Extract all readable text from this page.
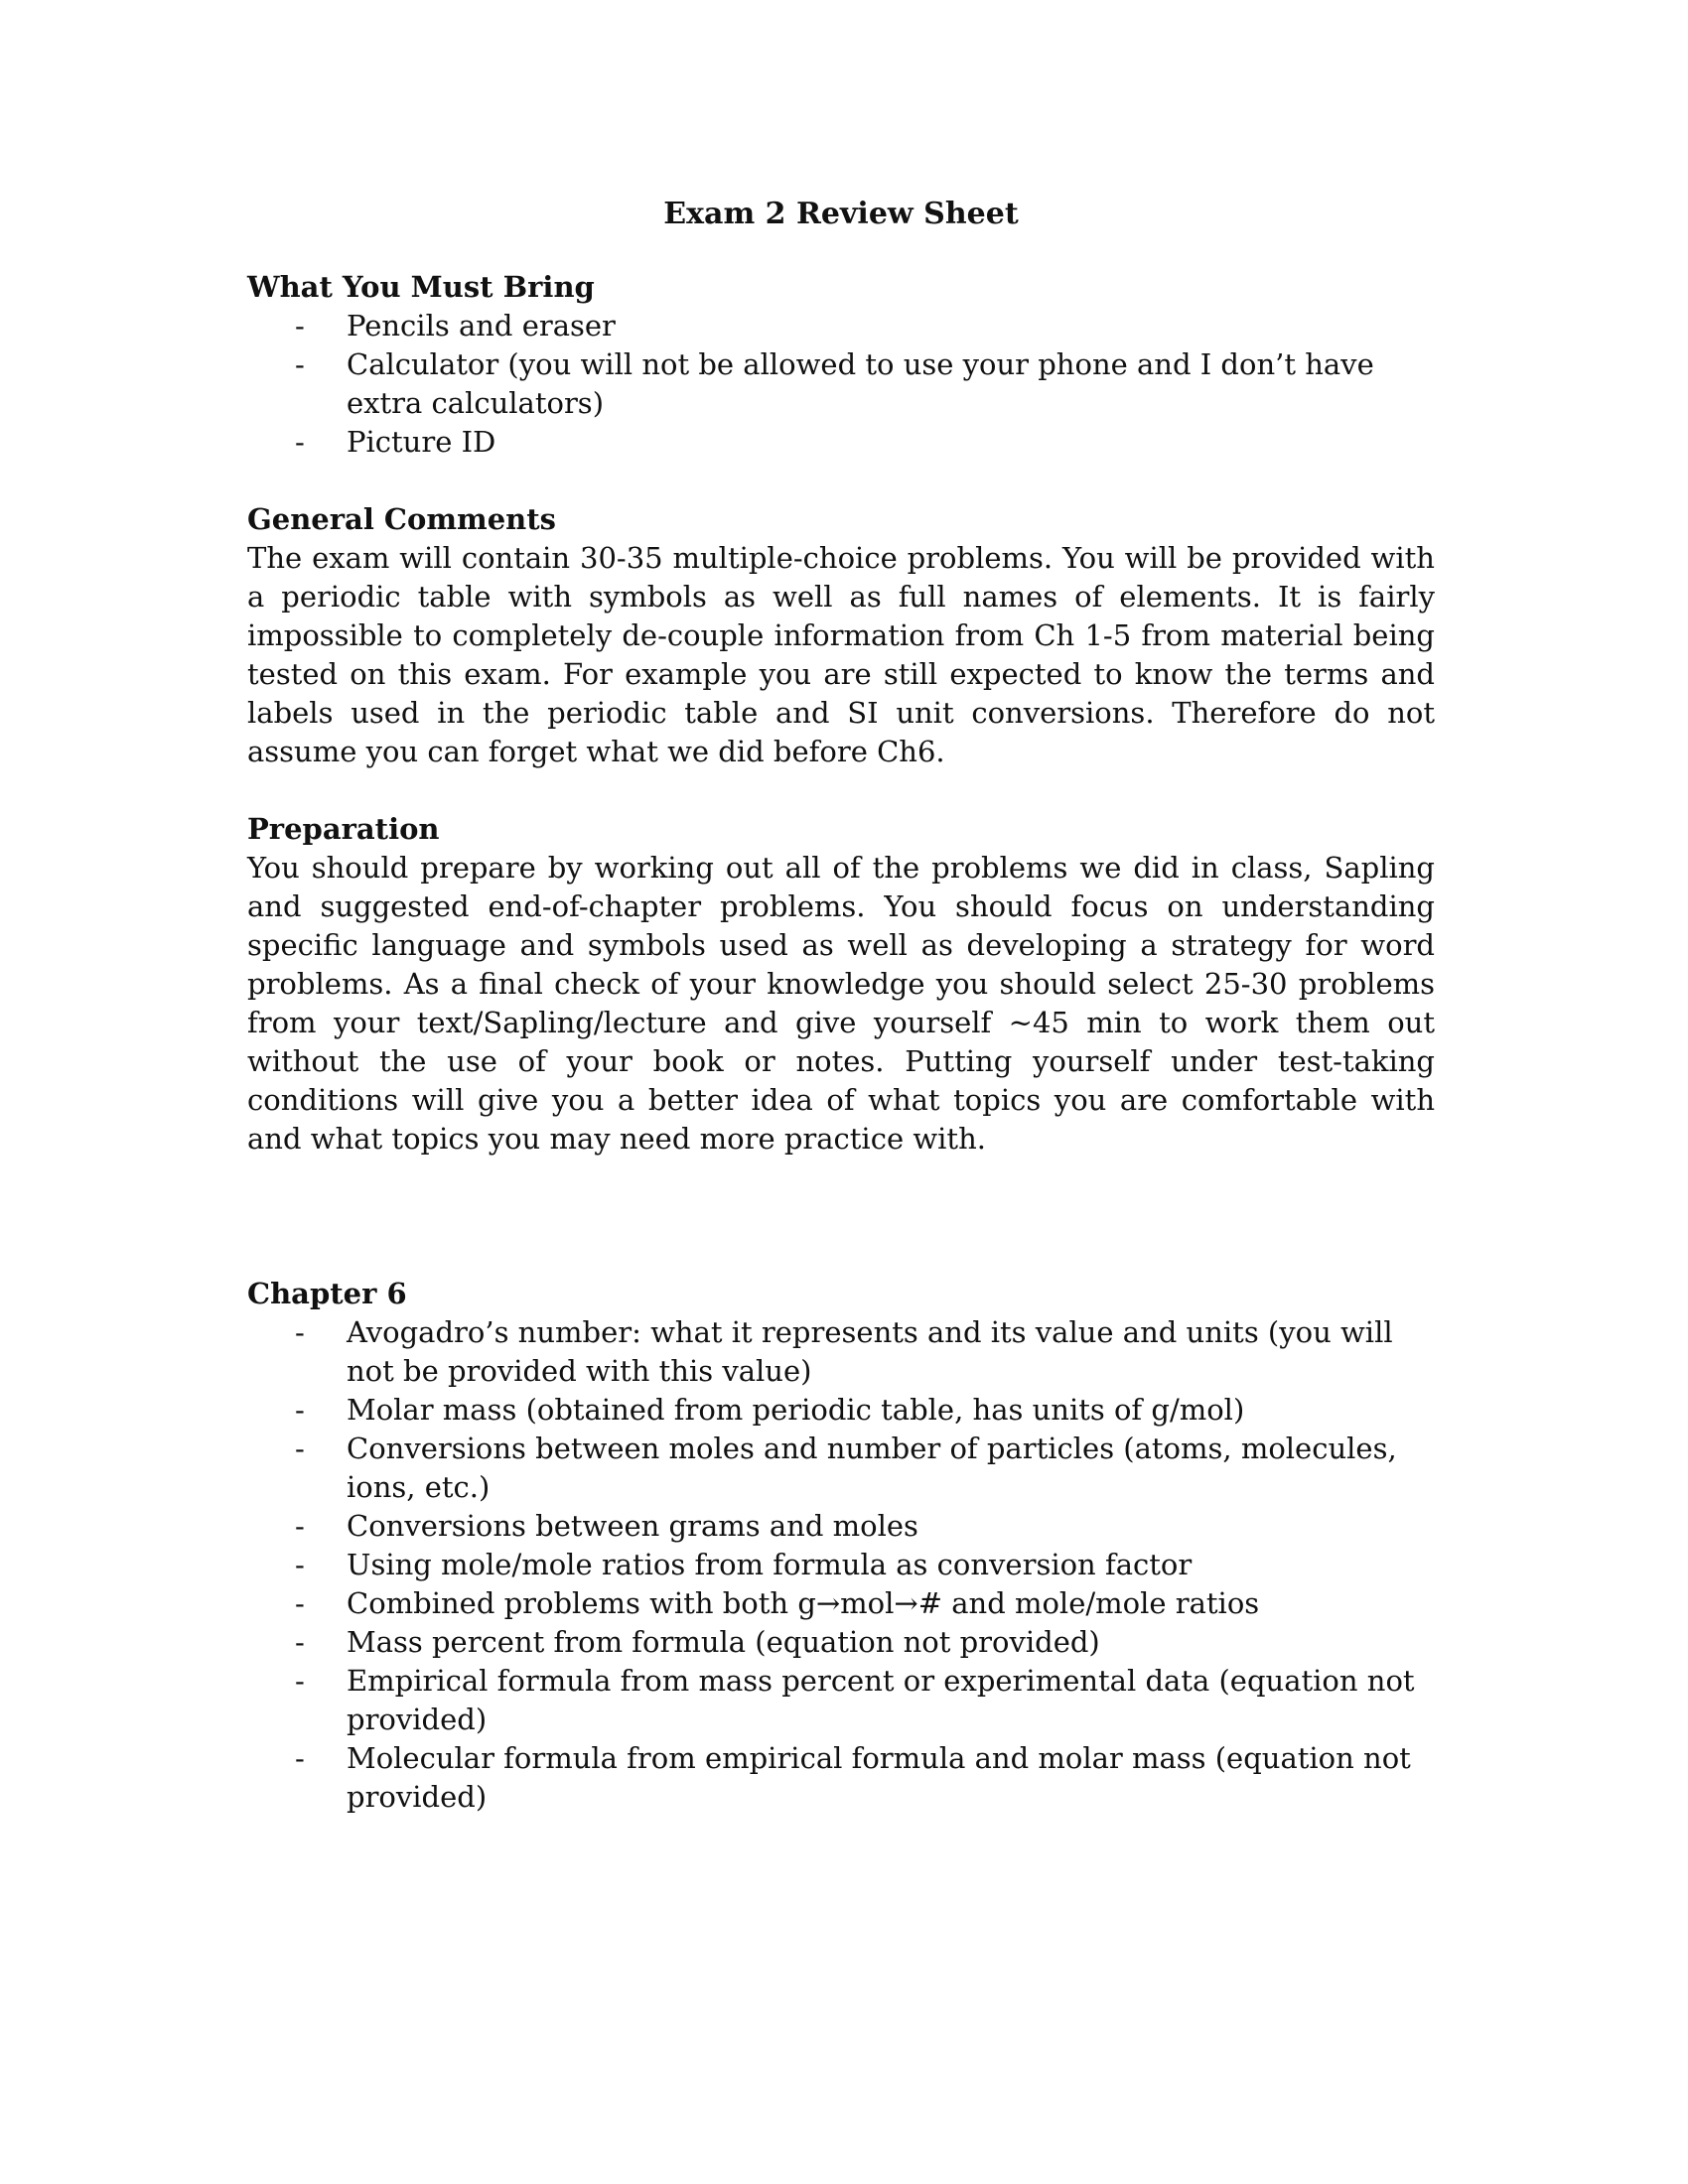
Exam 2 Review Sheet
What You Must Bring
- Pencils and eraser
- Calculator (you will not be allowed to use your phone and I don’t have extra calculators)
- Picture ID
General Comments

The exam will contain 30-35 multiple-choice problems. You will be provided with a periodic table with symbols as well as full names of elements. It is fairly impossible to completely de-couple information from Ch 1-5 from material being tested on this exam. For example you are still expected to know the terms and labels used in the periodic table and SI unit conversions. Therefore do not assume you can forget what we did before Ch6.

Preparation

You should prepare by working out all of the problems we did in class, Sapling and suggested end-of-chapter problems. You should focus on understanding specific language and symbols used as well as developing a strategy for word problems. As a final check of your knowledge you should select 25-30 problems from your text/Sapling/lecture and give yourself ~45 min to work them out without the use of your book or notes. Putting yourself under test-taking conditions will give you a better idea of what topics you are comfortable with and what topics you may need more practice with.

Chapter 6
- Avogadro’s number: what it represents and its value and units (you will not be provided with this value)
- Molar mass (obtained from periodic table, has units of g/mol)
- Conversions between moles and number of particles (atoms, molecules, ions, etc.)
- Conversions between grams and moles
- Using mole/mole ratios from formula as conversion factor
- Combined problems with both g→mol→# and mole/mole ratios
- Mass percent from formula (equation not provided)
- Empirical formula from mass percent or experimental data (equation not provided)
- Molecular formula from empirical formula and molar mass (equation not provided)
